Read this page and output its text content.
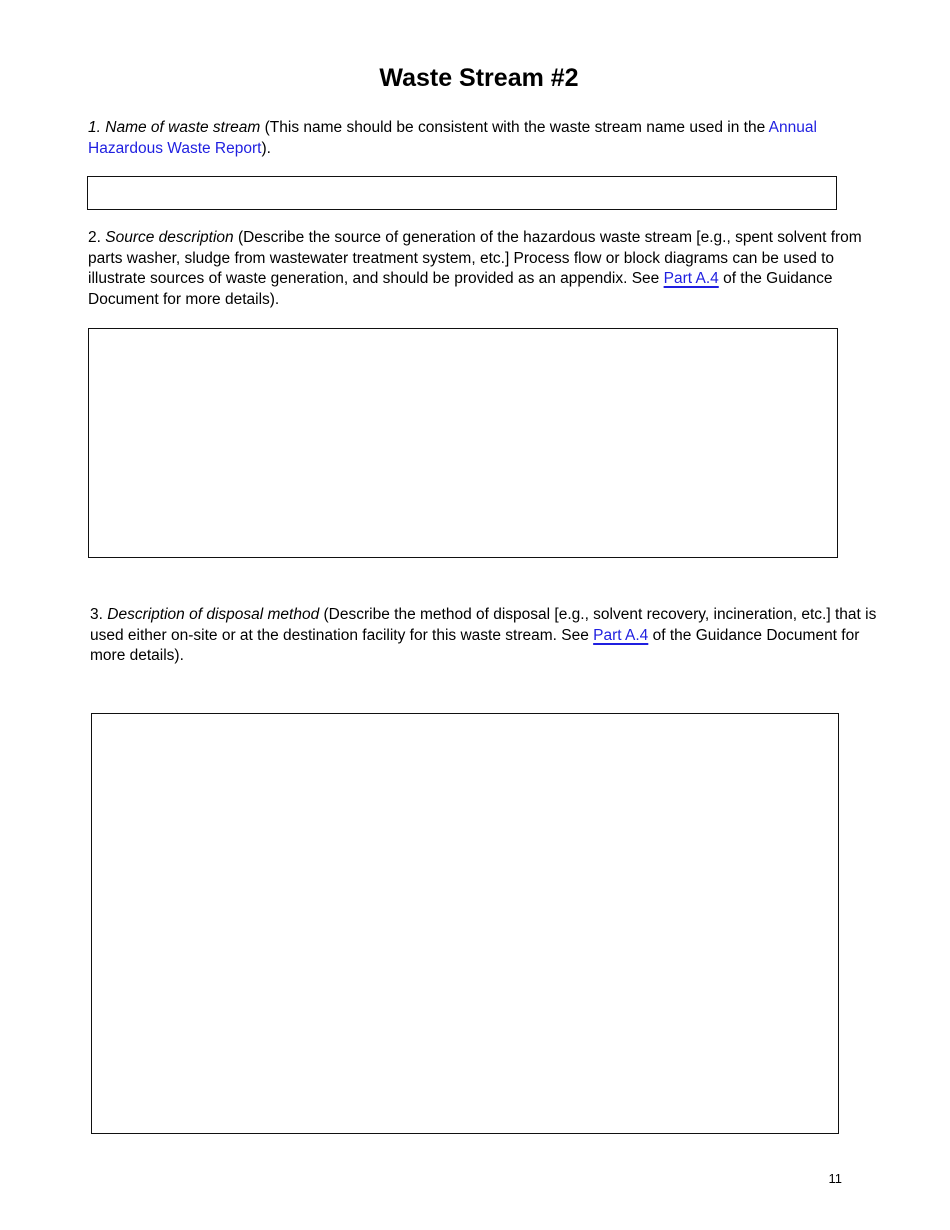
Waste Stream #2

1. Name of waste stream (This name should be consistent with the waste stream name used in the Annual Hazardous Waste Report).

2. Source description (Describe the source of generation of the hazardous waste stream [e.g., spent solvent from parts washer, sludge from wastewater treatment system, etc.] Process flow or block diagrams can be used to illustrate sources of waste generation, and should be provided as an appendix. See Part A.4 of the Guidance Document for more details).

3. Description of disposal method (Describe the method of disposal [e.g., solvent recovery, incineration, etc.] that is used either on-site or at the destination facility for this waste stream. See Part A.4 of the Guidance Document for more details).

11
